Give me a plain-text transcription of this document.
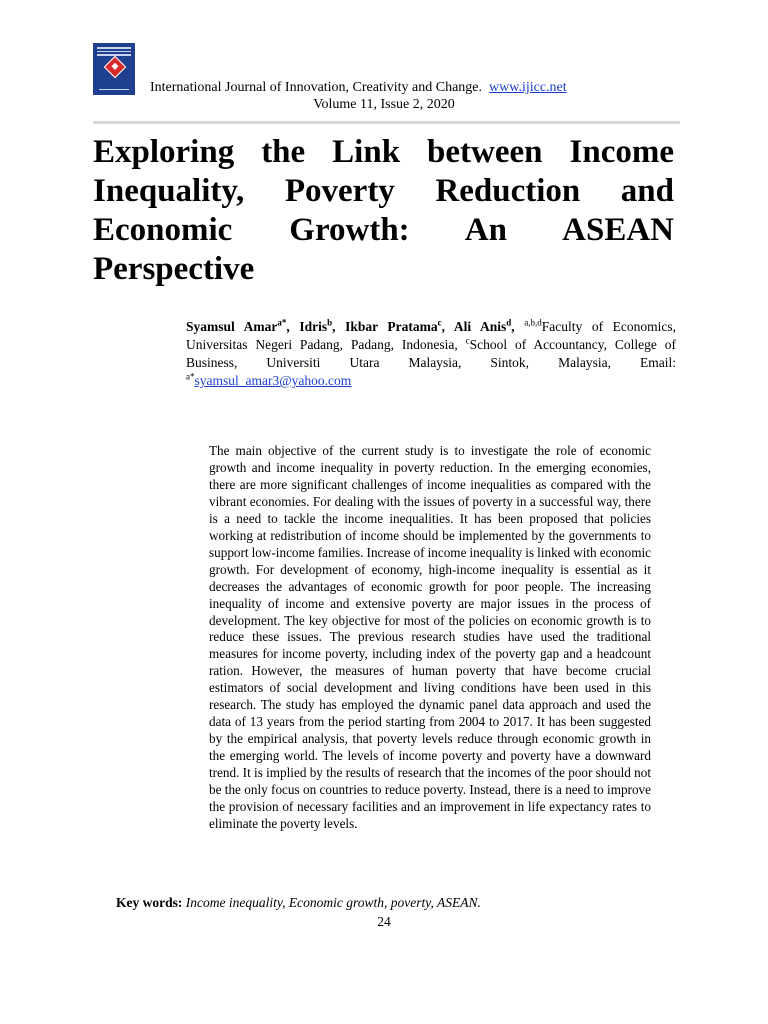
International Journal of Innovation, Creativity and Change. www.ijicc.net
Volume 11, Issue 2, 2020
Exploring the Link between Income Inequality, Poverty Reduction and Economic Growth: An ASEAN Perspective

Syamsul Amar$^{a*}$, Idris$^b$, Ikbar Pratama$^c$, Ali Anis$^d$, $^{a,b,d}$Faculty of Economics, Universitas Negeri Padang, Padang, Indonesia, $^c$School of Accountancy, College of Business, Universiti Utara Malaysia, Sintok, Malaysia, Email: $^{a*}$syamsul_amar3@yahoo.com

The main objective of the current study is to investigate the role of economic growth and income inequality in poverty reduction. In the emerging economies, there are more significant challenges of income inequalities as compared with the vibrant economies. For dealing with the issues of poverty in a successful way, there is a need to tackle the income inequalities. It has been proposed that policies working at redistribution of income should be implemented by the governments to support low-income families. Increase of income inequality is linked with economic growth. For development of economy, high-income inequality is essential as it decreases the advantages of economic growth for poor people. The increasing inequality of income and extensive poverty are major issues in the process of development. The key objective for most of the policies on economic growth is to reduce these issues. The previous research studies have used the traditional measures for income poverty, including index of the poverty gap and a headcount ration. However, the measures of human poverty that have become crucial estimators of social development and living conditions have been used in this research. The study has employed the dynamic panel data approach and used the data of 13 years from the period starting from 2004 to 2017. It has been suggested by the empirical analysis, that poverty levels reduce through economic growth in the emerging world. The levels of income poverty and poverty have a downward trend. It is implied by the results of research that the incomes of the poor should not be the only focus on countries to reduce poverty. Instead, there is a need to improve the provision of necessary facilities and an improvement in life expectancy rates to eliminate the poverty levels.

Key words: Income inequality, Economic growth, poverty, ASEAN.
24
